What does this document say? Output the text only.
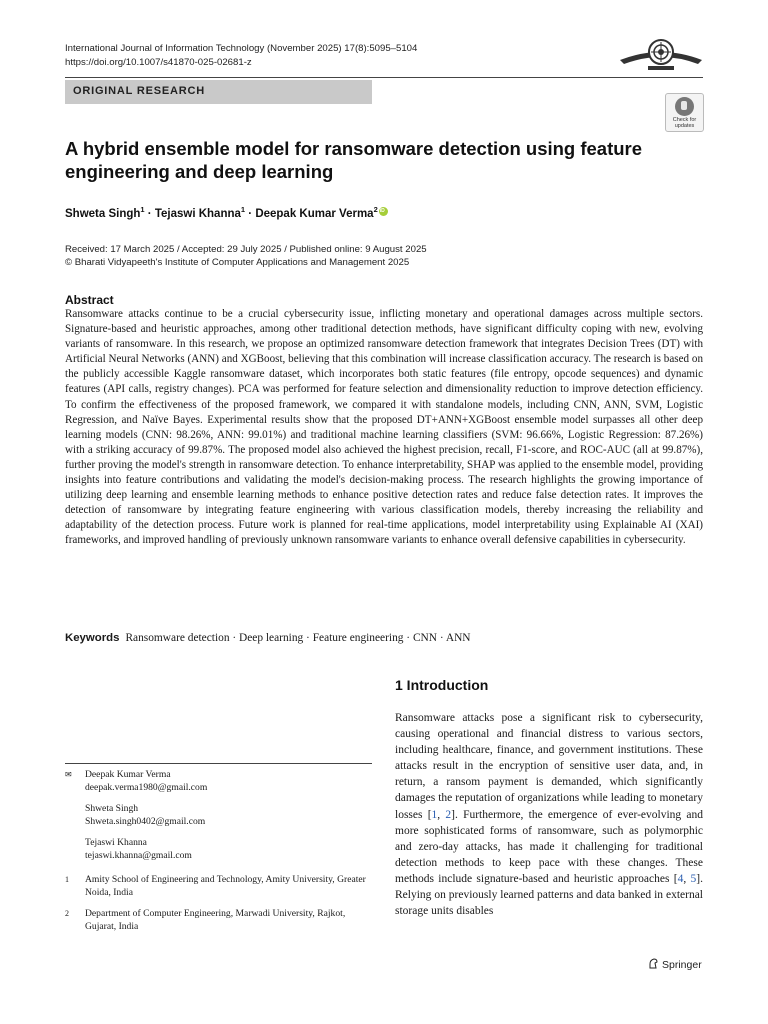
International Journal of Information Technology (November 2025) 17(8):5095–5104
https://doi.org/10.1007/s41870-025-02681-z
ORIGINAL RESEARCH
Check for updates
A hybrid ensemble model for ransomware detection using feature engineering and deep learning
Shweta Singh$^1$ · Tejaswi Khanna$^1$ · Deepak Kumar Verma$^2$iD
Received: 17 March 2025 / Accepted: 29 July 2025 / Published online: 9 August 2025
© Bharati Vidyapeeth's Institute of Computer Applications and Management 2025
Abstract
Ransomware attacks continue to be a crucial cybersecurity issue, inflicting monetary and operational damages across multiple sectors. Signature-based and heuristic approaches, among other traditional detection methods, have significant difficulty coping with new, evolving variants of ransomware. In this research, we propose an optimized ransomware detection framework that integrates Decision Trees (DT) with Artificial Neural Networks (ANN) and XGBoost, believing that this combination will increase classification accuracy. The research is based on the publicly accessible Kaggle ransomware dataset, which incorporates both static features (file entropy, opcode sequences) and dynamic features (API calls, registry changes). PCA was performed for feature selection and dimensionality reduction to improve detection efficiency. To confirm the effectiveness of the proposed framework, we compared it with standalone models, including CNN, ANN, SVM, Logistic Regression, and Naïve Bayes. Experimental results show that the proposed DT+ANN+XGBoost ensemble model surpasses all other deep learning models (CNN: 98.26%, ANN: 99.01%) and traditional machine learning classifiers (SVM: 96.66%, Logistic Regression: 87.26%) with a striking accuracy of 99.87%. The proposed model also achieved the highest precision, recall, F1-score, and ROC-AUC (all at 99.87%), further proving the model's strength in ransomware detection. To enhance interpretability, SHAP was applied to the ensemble model, providing insights into feature contributions and validating the model's decision-making process. The research highlights the growing importance of utilizing deep learning and ensemble learning methods to enhance positive detection rates and reduce false detection rates. It improves the detection of ransomware by integrating feature engineering with various classification models, thereby increasing the reliability and adaptability of the detection process. Future work is planned for real-time applications, model interpretability using Explainable AI (XAI) frameworks, and improved handling of previously unknown ransomware variants to enhance overall defensive capabilities in cybersecurity.
Keywords Ransomware detection · Deep learning · Feature engineering · CNN · ANN
1 Introduction
Ransomware attacks pose a significant risk to cybersecurity, causing operational and financial distress to various sectors, including healthcare, finance, and government institutions. These attacks result in the encryption of sensitive user data, and, in return, a ransom payment is demanded, which significantly damages the reputation of organizations while leading to monetary losses [1, 2]. Furthermore, the emergence of ever-evolving and more sophisticated forms of ransomware, such as polymorphic and zero-day attacks, has made it challenging for traditional detection methods to keep pace with these changes. These methods include signature-based and heuristic approaches [4, 5]. Relying on previously learned patterns and data banked in external storage units disables
✉	Deepak Kumar Verma
deepak.verma1980@gmail.com
Shweta Singh
Shweta.singh0402@gmail.com
Tejaswi Khanna
tejaswi.khanna@gmail.com
1	Amity School of Engineering and Technology, Amity University, Greater Noida, India
2	Department of Computer Engineering, Marwadi University, Rajkot, Gujarat, India
Springer
